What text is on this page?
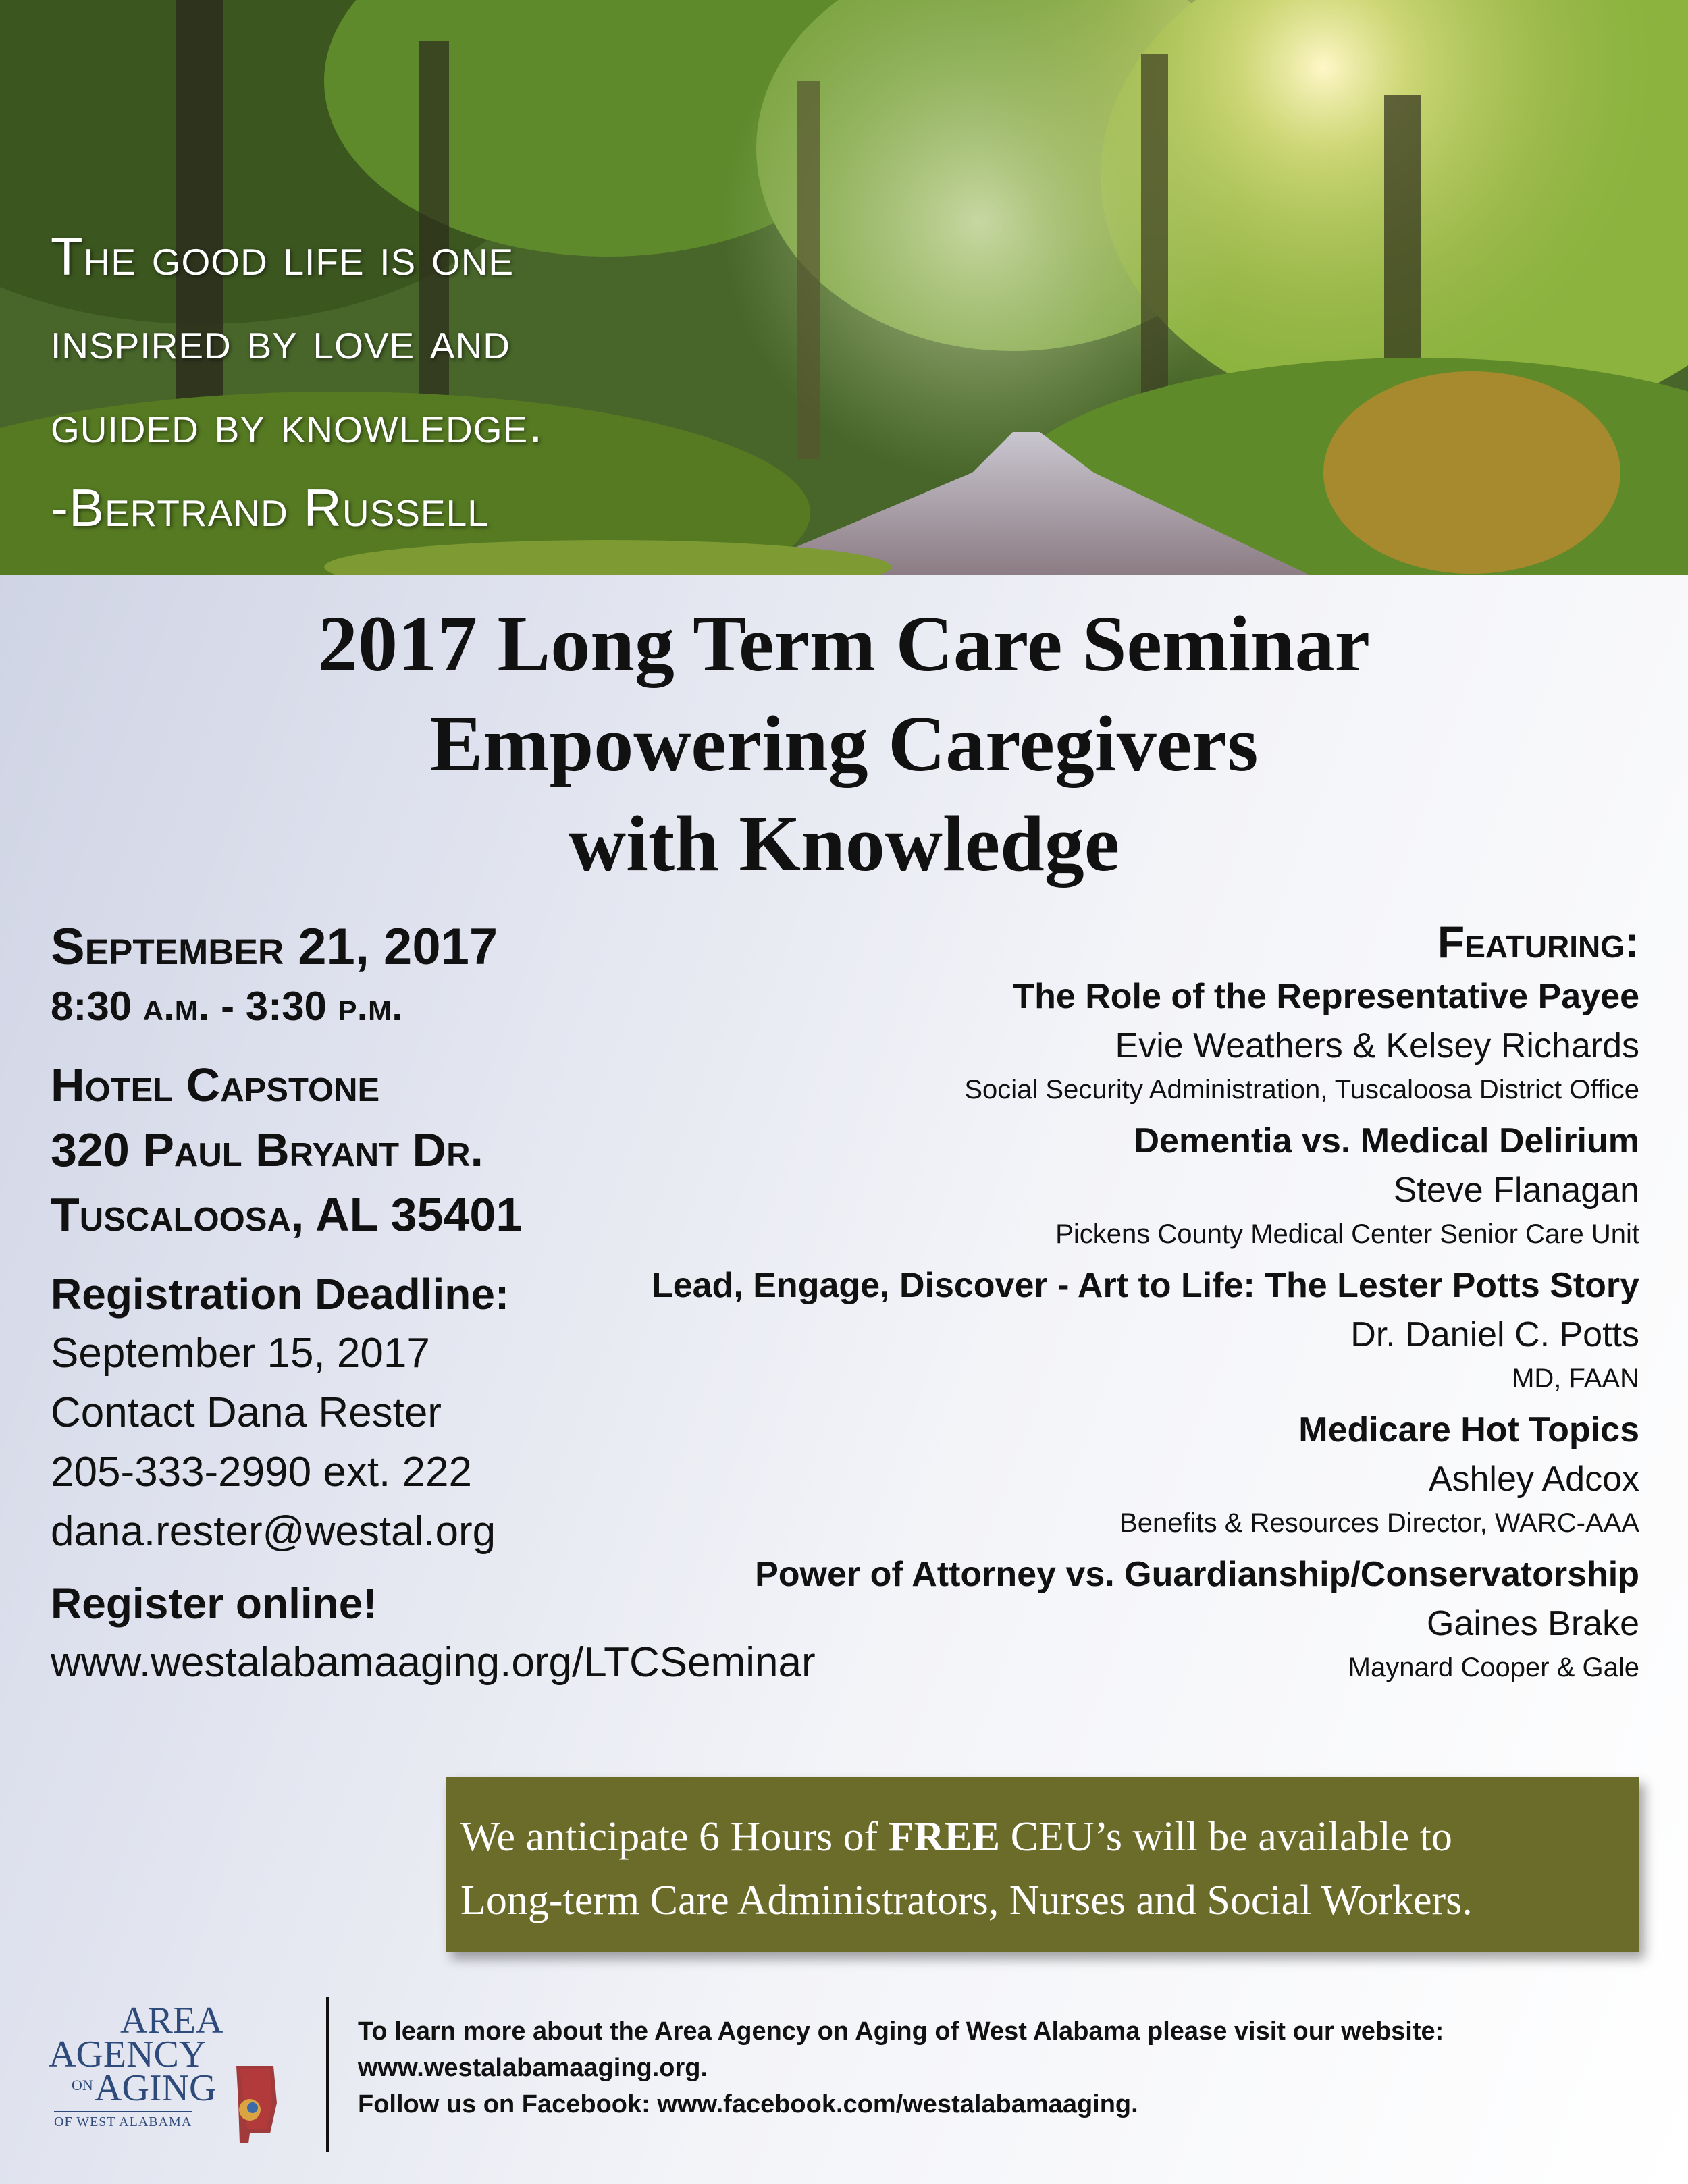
The good life is one
inspired by love and
guided by knowledge.
-Bertrand Russell
2017 Long Term Care Seminar
Empowering Caregivers
with Knowledge
September 21, 2017
8:30 a.m. - 3:30 p.m.
Hotel Capstone
320 Paul Bryant Dr.
Tuscaloosa, AL 35401
Registration Deadline:
September 15, 2017
Contact Dana Rester
205-333-2990 ext. 222
dana.rester@westal.org
Register online!
www.westalabamaaging.org/LTCSeminar
Featuring:
The Role of the Representative Payee
Evie Weathers & Kelsey Richards
Social Security Administration, Tuscaloosa District Office
Dementia vs. Medical Delirium
Steve Flanagan
Pickens County Medical Center Senior Care Unit
Lead, Engage, Discover - Art to Life: The Lester Potts Story
Dr. Daniel C. Potts
MD, FAAN
Medicare Hot Topics
Ashley Adcox
Benefits & Resources Director, WARC-AAA
Power of Attorney vs. Guardianship/Conservatorship
Gaines Brake
Maynard Cooper & Gale
We anticipate 6 Hours of FREE CEU’s will be available to
Long-term Care Administrators, Nurses and Social Workers.
AREA
AGENCY
ON AGING
OF WEST ALABAMA
To learn more about the Area Agency on Aging of West Alabama please visit our website:
www.westalabamaaging.org.
Follow us on Facebook: www.facebook.com/westalabamaaging.
